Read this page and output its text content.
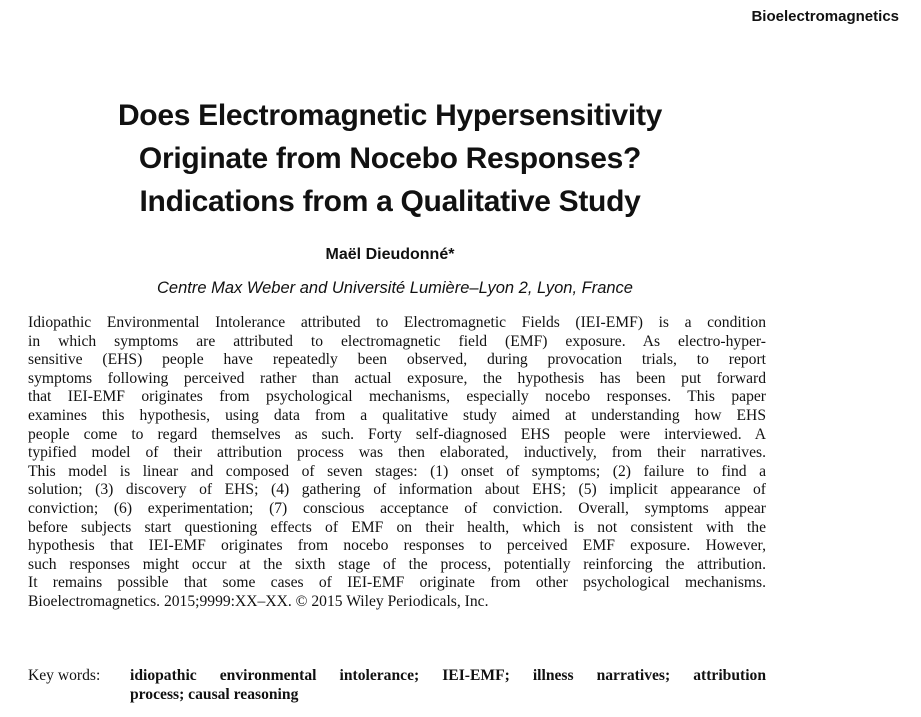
Bioelectromagnetics
Does Electromagnetic Hypersensitivity
Originate from Nocebo Responses?
Indications from a Qualitative Study
Maël Dieudonné*
Centre Max Weber and Université Lumière–Lyon 2, Lyon, France

Idiopathic Environmental Intolerance attributed to Electromagnetic Fields (IEI-EMF) is a condition
in which symptoms are attributed to electromagnetic field (EMF) exposure. As electro-hyper-
sensitive (EHS) people have repeatedly been observed, during provocation trials, to report
symptoms following perceived rather than actual exposure, the hypothesis has been put forward
that IEI-EMF originates from psychological mechanisms, especially nocebo responses. This paper
examines this hypothesis, using data from a qualitative study aimed at understanding how EHS
people come to regard themselves as such. Forty self-diagnosed EHS people were interviewed. A
typified model of their attribution process was then elaborated, inductively, from their narratives.
This model is linear and composed of seven stages: (1) onset of symptoms; (2) failure to find a
solution; (3) discovery of EHS; (4) gathering of information about EHS; (5) implicit appearance of
conviction; (6) experimentation; (7) conscious acceptance of conviction. Overall, symptoms appear
before subjects start questioning effects of EMF on their health, which is not consistent with the
hypothesis that IEI-EMF originates from nocebo responses to perceived EMF exposure. However,
such responses might occur at the sixth stage of the process, potentially reinforcing the attribution.
It remains possible that some cases of IEI-EMF originate from other psychological mechanisms.
Bioelectromagnetics. 2015;9999:XX–XX. © 2015 Wiley Periodicals, Inc.

Key words: idiopathic environmental intolerance; IEI-EMF; illness narratives; attribution
process; causal reasoning
